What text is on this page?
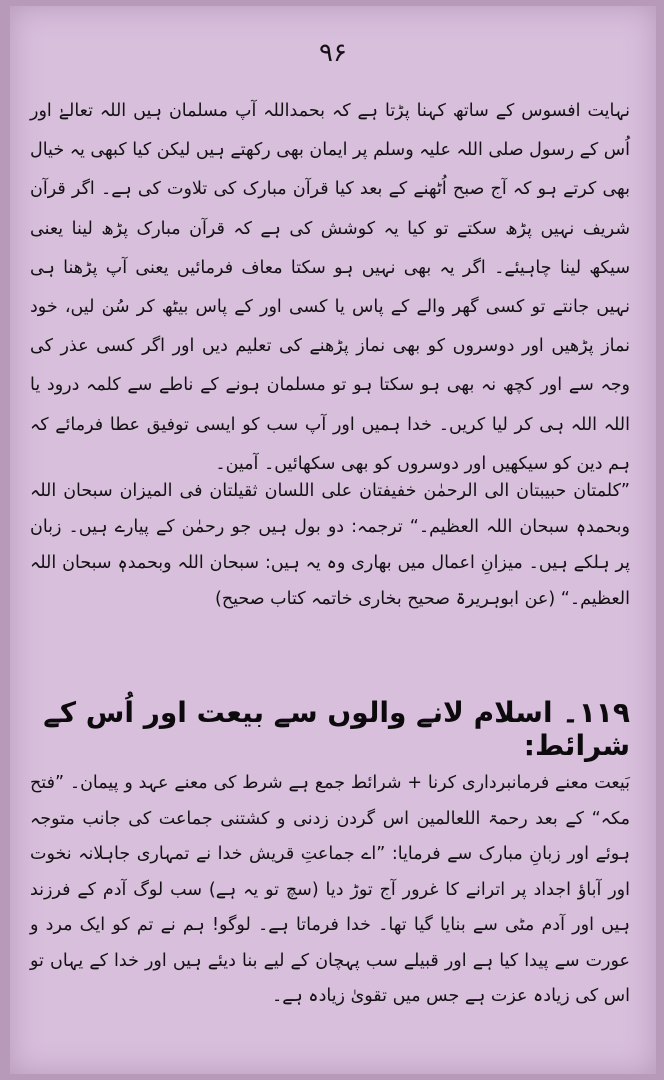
۹۶
نہایت افسوس کے ساتھ کہنا پڑتا ہے کہ بحمداللہ آپ مسلمان ہیں اللہ تعالےٰ اور اُس کے رسول صلی اللہ علیہ وسلم پر ایمان بھی رکھتے ہیں لیکن کیا کبھی یہ خیال بھی کرتے ہو کہ آج صبح اُٹھنے کے بعد کیا قرآن مبارک کی تلاوت کی ہے۔ اگر قرآن شریف نہیں پڑھ سکتے تو کیا یہ کوشش کی ہے کہ قرآن مبارک پڑھ لینا یعنی سیکھ لینا چاہیئے۔ اگر یہ بھی نہیں ہو سکتا معاف فرمائیں یعنی آپ پڑھنا ہی نہیں جانتے تو کسی گھر والے کے پاس یا کسی اور کے پاس بیٹھ کر سُن لیں، خود نماز پڑھیں اور دوسروں کو بھی نماز پڑھنے کی تعلیم دیں اور اگر کسی عذر کی وجہ سے اور کچھ نہ بھی ہو سکتا ہو تو مسلمان ہونے کے ناطے سے کلمہ درود یا اللہ اللہ ہی کر لیا کریں۔ خدا ہمیں اور آپ سب کو ایسی توفیق عطا فرمائے کہ ہم دین کو سیکھیں اور دوسروں کو بھی سکھائیں۔ آمین۔
”کلمتان حبیبتان الی الرحمٰن خفیفتان علی اللسان ثقیلتان فی المیزان سبحان اللہ وبحمدہٖ سبحان اللہ العظیم۔“ ترجمہ: دو بول ہیں جو رحمٰن کے پیارے ہیں۔ زبان پر ہلکے ہیں۔ میزانِ اعمال میں بھاری وہ یہ ہیں: سبحان اللہ وبحمدہٖ سبحان اللہ العظیم۔“ (عن ابوہریرۃ صحیح بخاری خاتمہ کتاب صحیح)
۱۱۹۔ اسلام لانے والوں سے بیعت اور اُس کے شرائط:
بَیعت معنے فرمانبرداری کرنا + شرائط جمع ہے شرط کی معنے عہد و پیمان۔ ”فتح مکہ“ کے بعد رحمۃ اللعالمین اس گردن زدنی و کشتنی جماعت کی جانب متوجہ ہوئے اور زبانِ مبارک سے فرمایا: ”اے جماعتِ قریش خدا نے تمہاری جاہلانہ نخوت اور آباؤ اجداد پر اترانے کا غرور آج توڑ دیا (سچ تو یہ ہے) سب لوگ آدم کے فرزند ہیں اور آدم مٹی سے بنایا گیا تھا۔ خدا فرماتا ہے۔ لوگو! ہم نے تم کو ایک مرد و عورت سے پیدا کیا ہے اور قبیلے سب پہچان کے لیے بنا دیئے ہیں اور خدا کے یہاں تو اس کی زیادہ عزت ہے جس میں تقویٰ زیادہ ہے۔
